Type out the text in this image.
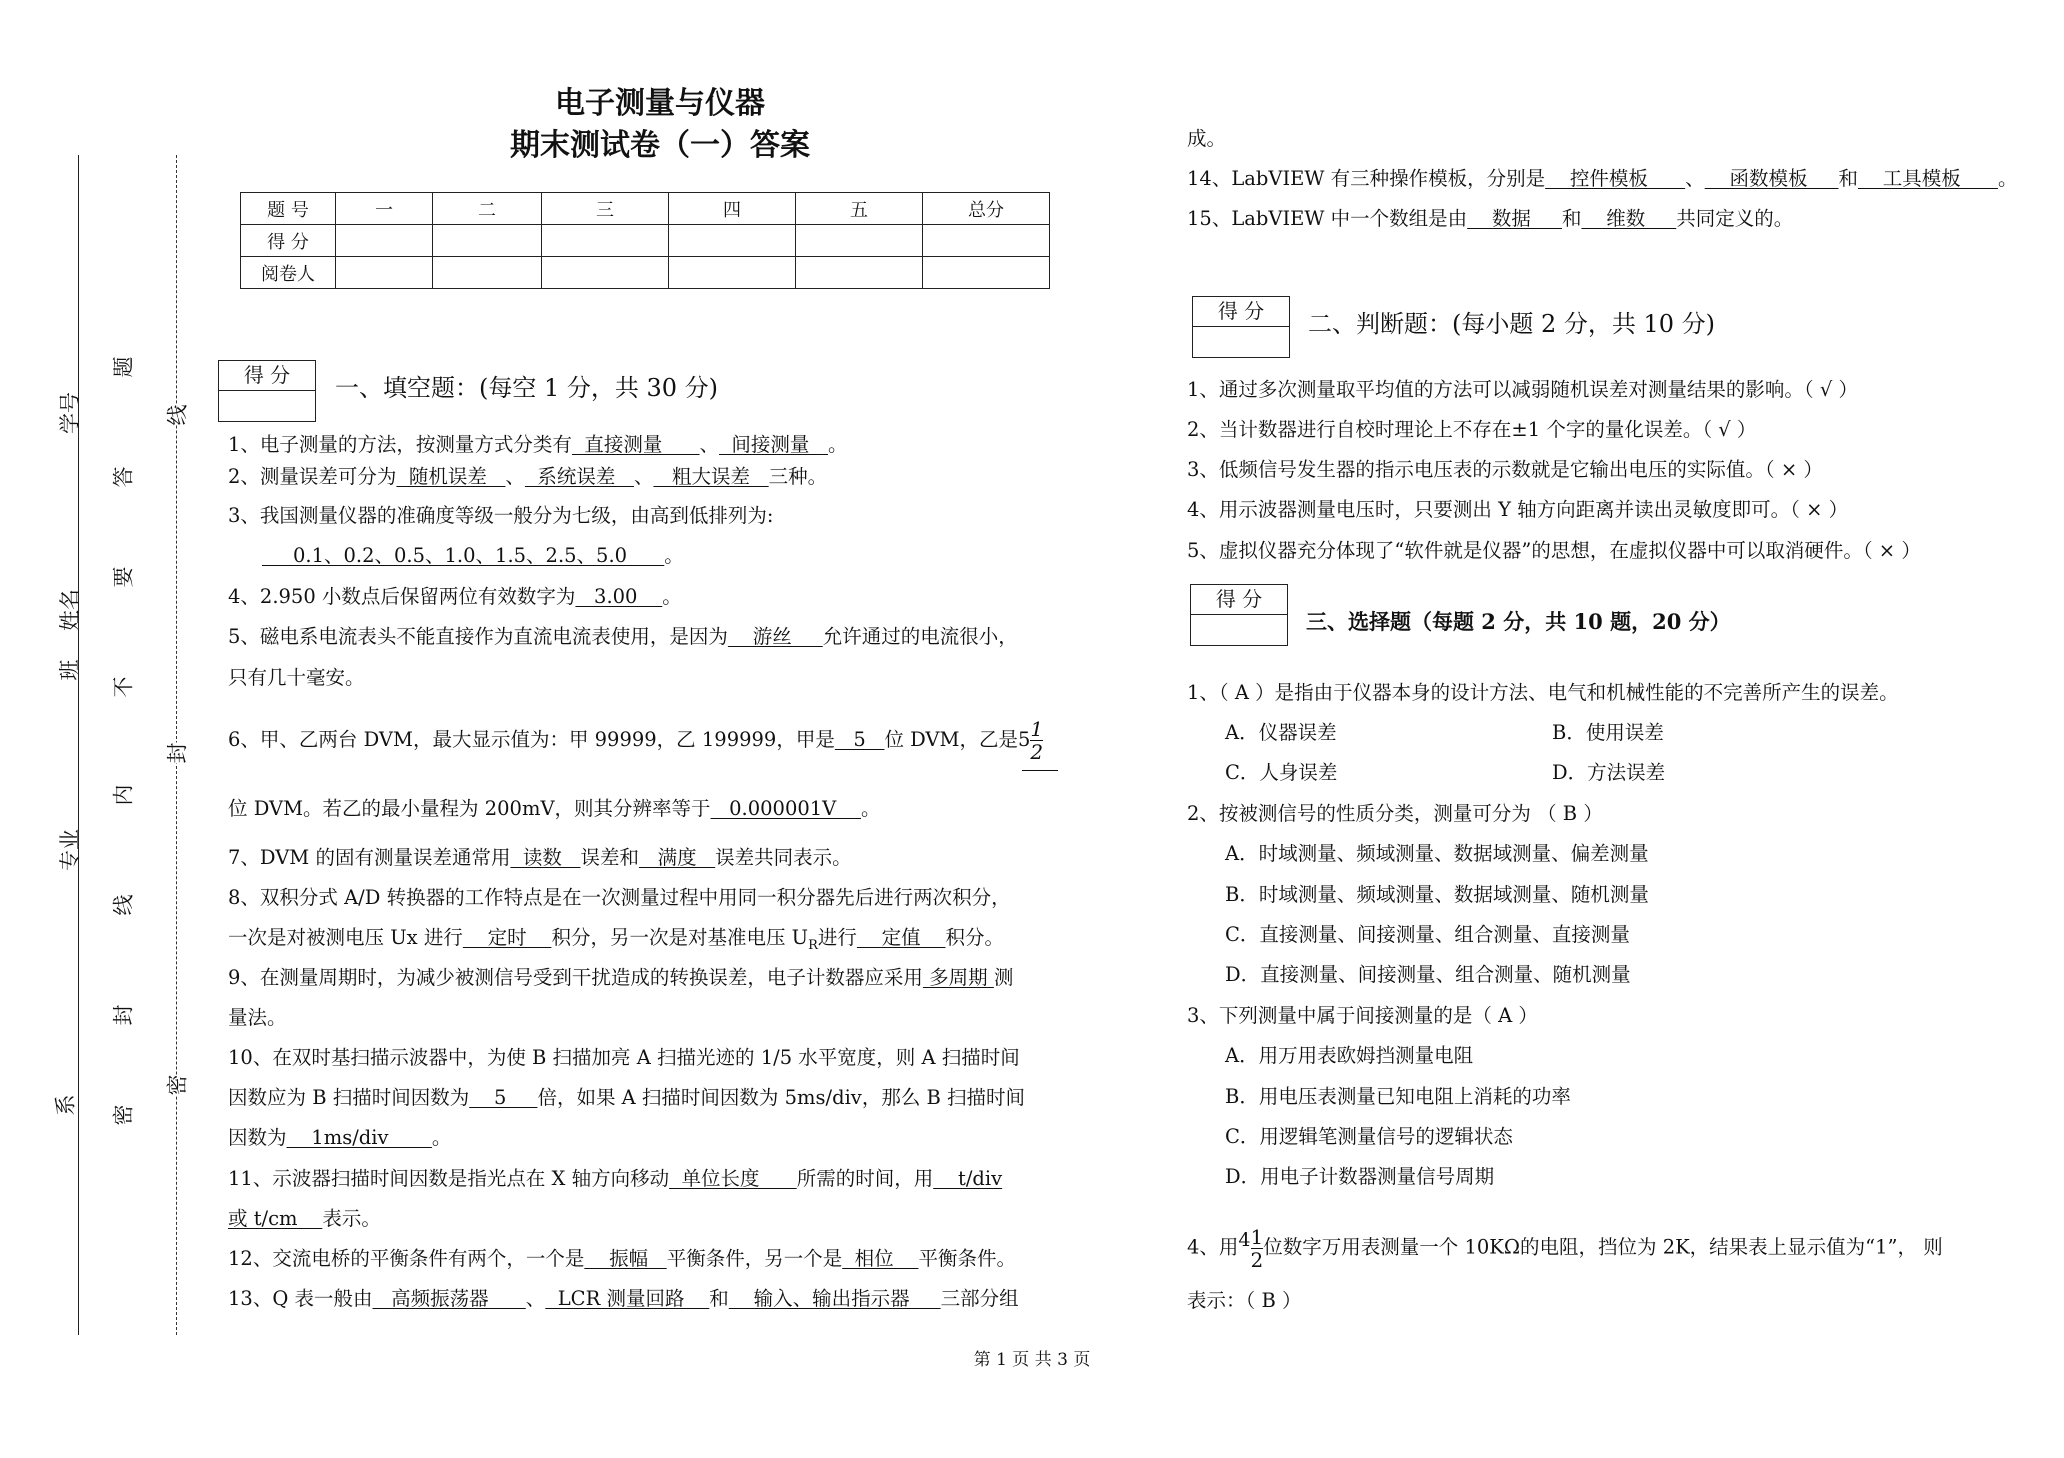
系
专业
班
姓名
学号
密
封
线
内
不
要
答
题
密
封
线
电子测量与仪器
期末测试卷（一）答案
题 号	一	二	三	四	五	总分
得 分						
阅卷人						
得 分	一、填空题：(每空 1 分，共 30 分)
1、电子测量的方法，按测量方式分类有  直接测量      、  间接测量   。
2、测量误差可分为  随机误差   、  系统误差   、   粗大误差   三种。
3、我国测量仪器的准确度等级一般分为七级，由高到低排列为:
0.1、0.2、0.5、1.0、1.5、2.5、5.0      。
4、2.950 小数点后保留两位有效数字为   3.00    。
5、磁电系电流表头不能直接作为直流电流表使用，是因为    游丝     允许通过的电流很小，
只有几十毫安。
6、甲、乙两台 DVM，最大显示值为：甲 99999，乙 199999，甲是   5   位 DVM，乙是$5 \frac{1}{2}$
位 DVM。若乙的最小量程为 200mV，则其分辨率等于   0.000001V    。
7、DVM 的固有测量误差通常用  读数   误差和   满度   误差共同表示。
8、双积分式 A/D 转换器的工作特点是在一次测量过程中用同一积分器先后进行两次积分，
一次是对被测电压 Ux 进行    定时    积分，另一次是对基准电压 $U_R$进行    定值    积分。
9、在测量周期时，为减少被测信号受到干扰造成的转换误差，电子计数器应采用 多周期 测
量法。
10、在双时基扫描示波器中，为使 B 扫描加亮 A 扫描光迹的 1/5 水平宽度，则 A 扫描时间
因数应为 B 扫描时间因数为    5     倍，如果 A 扫描时间因数为 5ms/div，那么 B 扫描时间
因数为    1ms/div       。
11、示波器扫描时间因数是指光点在 X 轴方向移动  单位长度      所需的时间，用    t/div
或 t/cm    表示。
12、交流电桥的平衡条件有两个，一个是    振幅   平衡条件，另一个是  相位    平衡条件。
13、Q 表一般由   高频振荡器      、  LCR 测量回路    和    输入、输出指示器     三部分组
成。
14、LabVIEW 有三种操作模板，分别是    控件模板      、    函数模板     和    工具模板      。
15、LabVIEW 中一个数组是由    数据     和    维数     共同定义的。
得 分	二、判断题：(每小题 2 分，共 10 分)
1、通过多次测量取平均值的方法可以减弱随机误差对测量结果的影响。（ √ ）
2、当计数器进行自校时理论上不存在±1 个字的量化误差。（ √ ）
3、低频信号发生器的指示电压表的示数就是它输出电压的实际值。（ × ）
4、用示波器测量电压时，只要测出 Y 轴方向距离并读出灵敏度即可。（ × ）
5、虚拟仪器充分体现了“软件就是仪器”的思想，在虚拟仪器中可以取消硬件。（ × ）
得 分
三、选择题（每题 2 分，共 10 题，20 分）
1、（ A ）是指由于仪器本身的设计方法、电气和机械性能的不完善所产生的误差。
A．仪器误差	B．使用误差
C．人身误差	D．方法误差
2、按被测信号的性质分类，测量可分为 （ B ）
A．时域测量、频域测量、数据域测量、偏差测量
B．时域测量、频域测量、数据域测量、随机测量
C．直接测量、间接测量、组合测量、直接测量
D．直接测量、间接测量、组合测量、随机测量
3、下列测量中属于间接测量的是（ A ）
A．用万用表欧姆挡测量电阻
B．用电压表测量已知电阻上消耗的功率
C．用逻辑笔测量信号的逻辑状态
D．用电子计数器测量信号周期
4、用$4 \frac{1}{2}$ 位数字万用表测量一个 10KΩ的电阻，挡位为 2K，结果表上显示值为“1”， 则
表示：（ B ）
第 1 页 共 3 页
